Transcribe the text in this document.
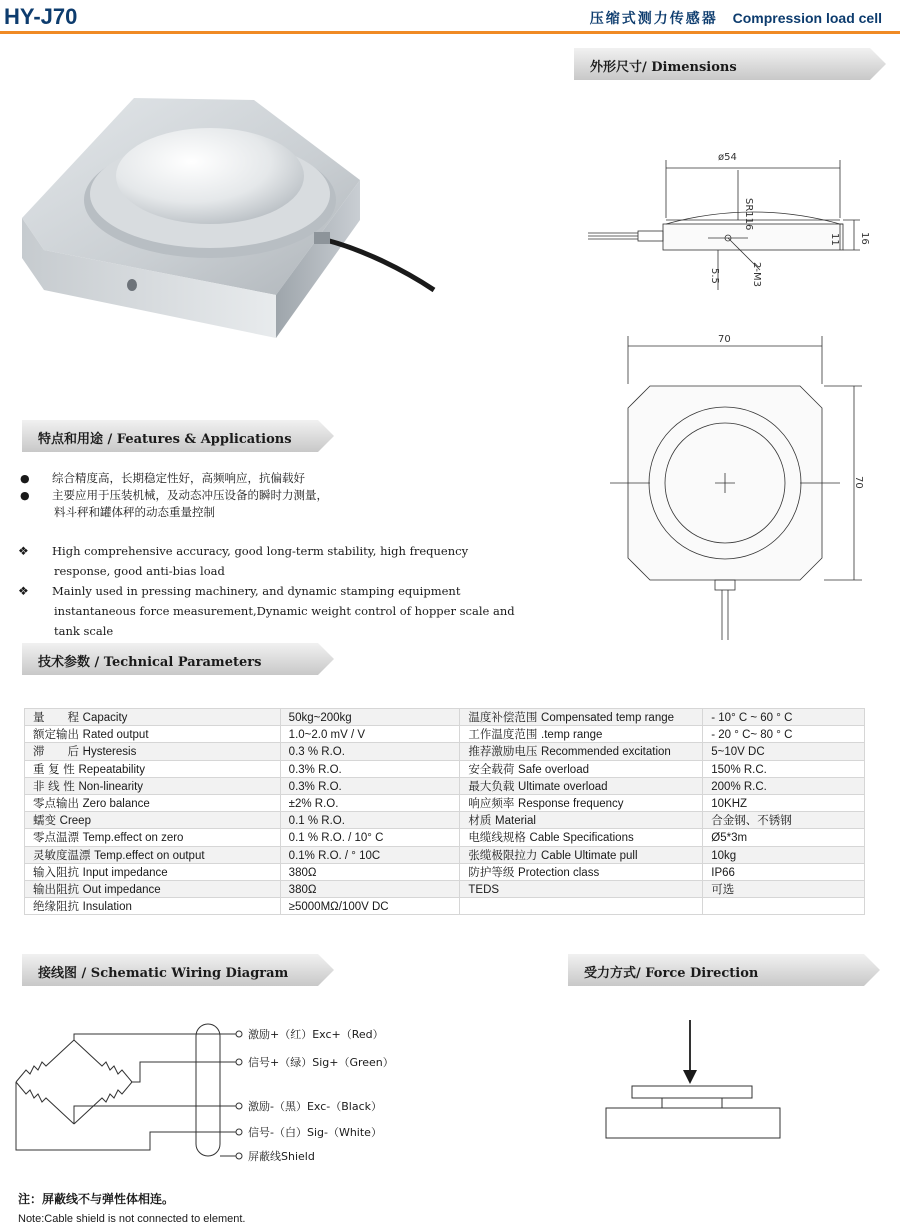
HY-J70	压缩式测力传感器 Compression load cell
外形尺寸/ Dimensions
ø54
SR116
16
11
5.5	2-M3
70
70
特点和用途 / Features & Applications
● 综合精度高，长期稳定性好，高频响应，抗偏载好
● 主要应用于压装机械，及动态冲压设备的瞬时力测量，
料斗秤和罐体秤的动态重量控制
❖ High comprehensive accuracy, good long-term stability, high frequency
response, good anti-bias load
❖ Mainly used in pressing machinery, and dynamic stamping equipment
instantaneous force measurement,Dynamic weight control of hopper scale and tank scale
技术参数 / Technical Parameters
量　　程 Capacity	50kg~200kg	温度补偿范围 Compensated temp range	- 10° C ~ 60 ° C
额定输出 Rated output	1.0~2.0 mV / V	工作温度范围 .temp range	- 20 ° C~ 80 ° C
滞　　后 Hysteresis	0.3 % R.O.	推荐激励电压 Recommended excitation	5~10V DC
重 复 性 Repeatability	0.3% R.O.	安全载荷 Safe overload	150% R.C.
非 线 性 Non-linearity	0.3% R.O.	最大负载 Ultimate overload	200% R.C.
零点输出 Zero balance	±2% R.O.	响应频率 Response frequency	10KHZ
蠕变 Creep	0.1 % R.O.	材质 Material	合金钢、不锈钢
零点温漂 Temp.effect on zero	0.1 % R.O. / 10° C	电缆线规格 Cable Specifications	Ø5*3m
灵敏度温漂 Temp.effect on output	0.1% R.O. / ° 10C	张缆极限拉力 Cable Ultimate pull	10kg
输入阻抗 Input impedance	380Ω	防护等级 Protection class	IP66
输出阻抗 Out impedance	380Ω	TEDS	可选
绝缘阻抗 Insulation	≥5000MΩ/100V DC		
接线图 / Schematic Wiring Diagram	受力方式/ Force Direction
激励+（红）Exc+（Red）
信号+（绿）Sig+（Green）
激励-（黑）Exc-（Black）
信号-（白）Sig-（White）
屏蔽线Shield
注：屏蔽线不与弹性体相连。
Note:Cable shield is not connected to element.
